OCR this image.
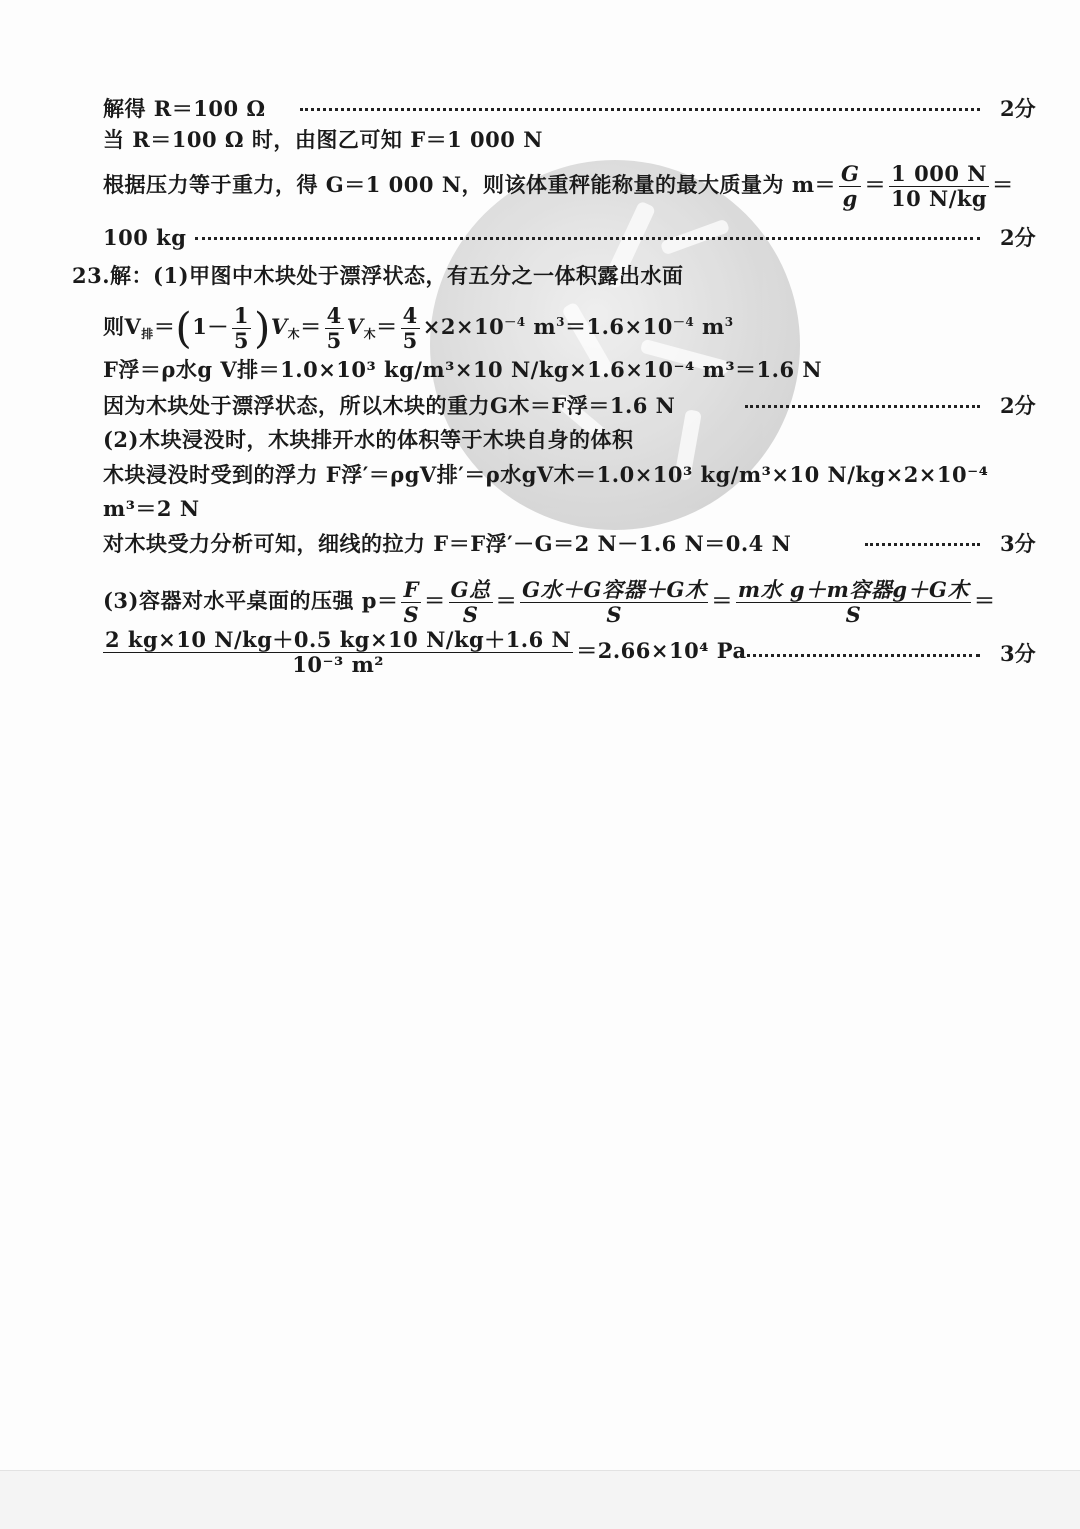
解得 R＝100 Ω	2分
当 R＝100 Ω 时，由图乙可知 F＝1 000 N
根据压力等于重力，得 G＝1 000 N，则该体重秤能称量的最大质量为 $m= \frac{G}{g} = \frac{1 000 N}{10 N/kg}$ ＝
100 kg	2分
23.解：(1)甲图中木块处于漂浮状态，有五分之一体积露出水面
则$V_排=(1- \frac{1}{5} )V_木= \frac{4}{5} V_木= \frac{4}{5} \times 2\times 10^{-4}$ $m^3=1.6\times 10^{-4}$ $m^3$
F浮＝ρ水g V排＝1.0×10³ kg/m³×10 N/kg×1.6×10⁻⁴ m³＝1.6 N
因为木块处于漂浮状态，所以木块的重力G木＝F浮＝1.6 N	2分
(2)木块浸没时，木块排开水的体积等于木块自身的体积
木块浸没时受到的浮力 F浮′＝ρgV排′＝ρ水gV木＝1.0×10³ kg/m³×10 N/kg×2×10⁻⁴
m³＝2 N
对木块受力分析可知，细线的拉力 F＝F浮′－G＝2 N－1.6 N＝0.4 N	3分
(3)容器对水平桌面的压强 $p= \frac{F}{S} = \frac{\text{G总}}{S} = \frac{\text{G水＋G容器＋G木}}{S} = \frac{\text{m水 g＋m容器g＋G木}}{S}$ ＝
$\frac{2 kg\times 10 N/kg+0.5 kg\times 10 N/kg+1.6 N}{\text{10⁻³ m²}} =2.66\times 10^4$ Pa	3分
